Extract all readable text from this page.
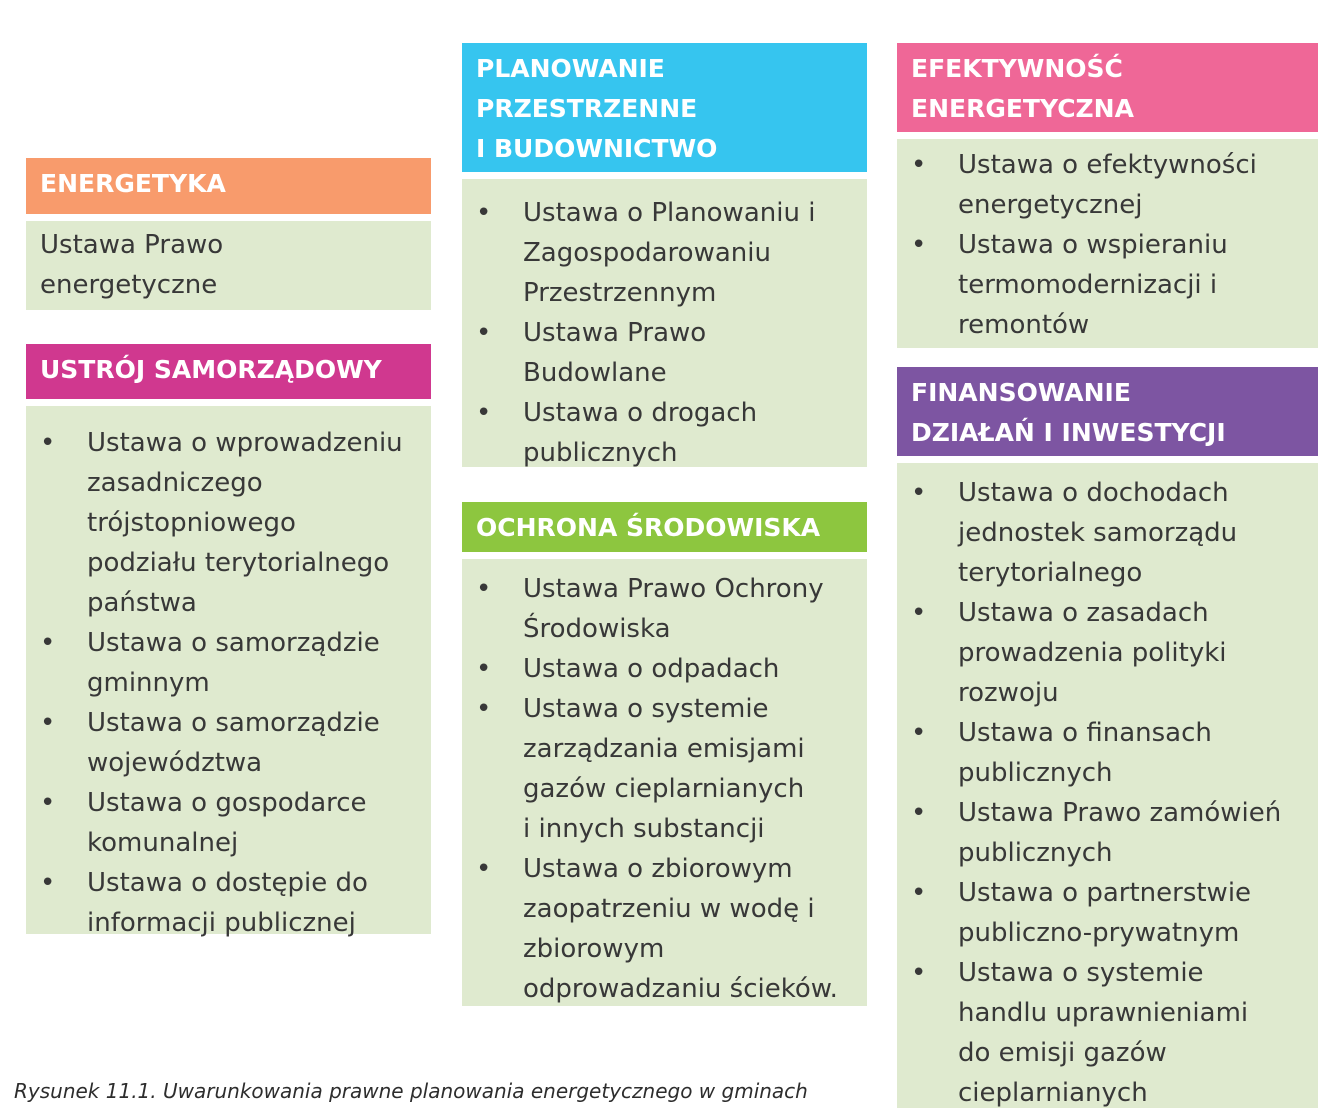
ENERGETYKA
Ustawa Prawo
energetyczne
USTRÓJ SAMORZĄDOWY
• Ustawa o wprowadzeniu
zasadniczego
trójstopniowego
podziału terytorialnego
państwa
• Ustawa o samorządzie
gminnym
• Ustawa o samorządzie
województwa
• Ustawa o gospodarce
komunalnej
• Ustawa o dostępie do
informacji publicznej
PLANOWANIE
PRZESTRZENNE
I BUDOWNICTWO
• Ustawa o Planowaniu i
Zagospodarowaniu
Przestrzennym
• Ustawa Prawo
Budowlane
• Ustawa o drogach
publicznych
OCHRONA ŚRODOWISKA
• Ustawa Prawo Ochrony
Środowiska
• Ustawa o odpadach
• Ustawa o systemie
zarządzania emisjami
gazów cieplarnianych
i innych substancji
• Ustawa o zbiorowym
zaopatrzeniu w wodę i
zbiorowym
odprowadzaniu ścieków.
EFEKTYWNOŚĆ
ENERGETYCZNA
• Ustawa o efektywności
energetycznej
• Ustawa o wspieraniu
termomodernizacji i
remontów
FINANSOWANIE
DZIAŁAŃ I INWESTYCJI
• Ustawa o dochodach
jednostek samorządu
terytorialnego
• Ustawa o zasadach
prowadzenia polityki
rozwoju
• Ustawa o finansach
publicznych
• Ustawa Prawo zamówień
publicznych
• Ustawa o partnerstwie
publiczno-prywatnym
• Ustawa o systemie
handlu uprawnieniami
do emisji gazów
cieplarnianych
Rysunek 11.1. Uwarunkowania prawne planowania energetycznego w gminach
